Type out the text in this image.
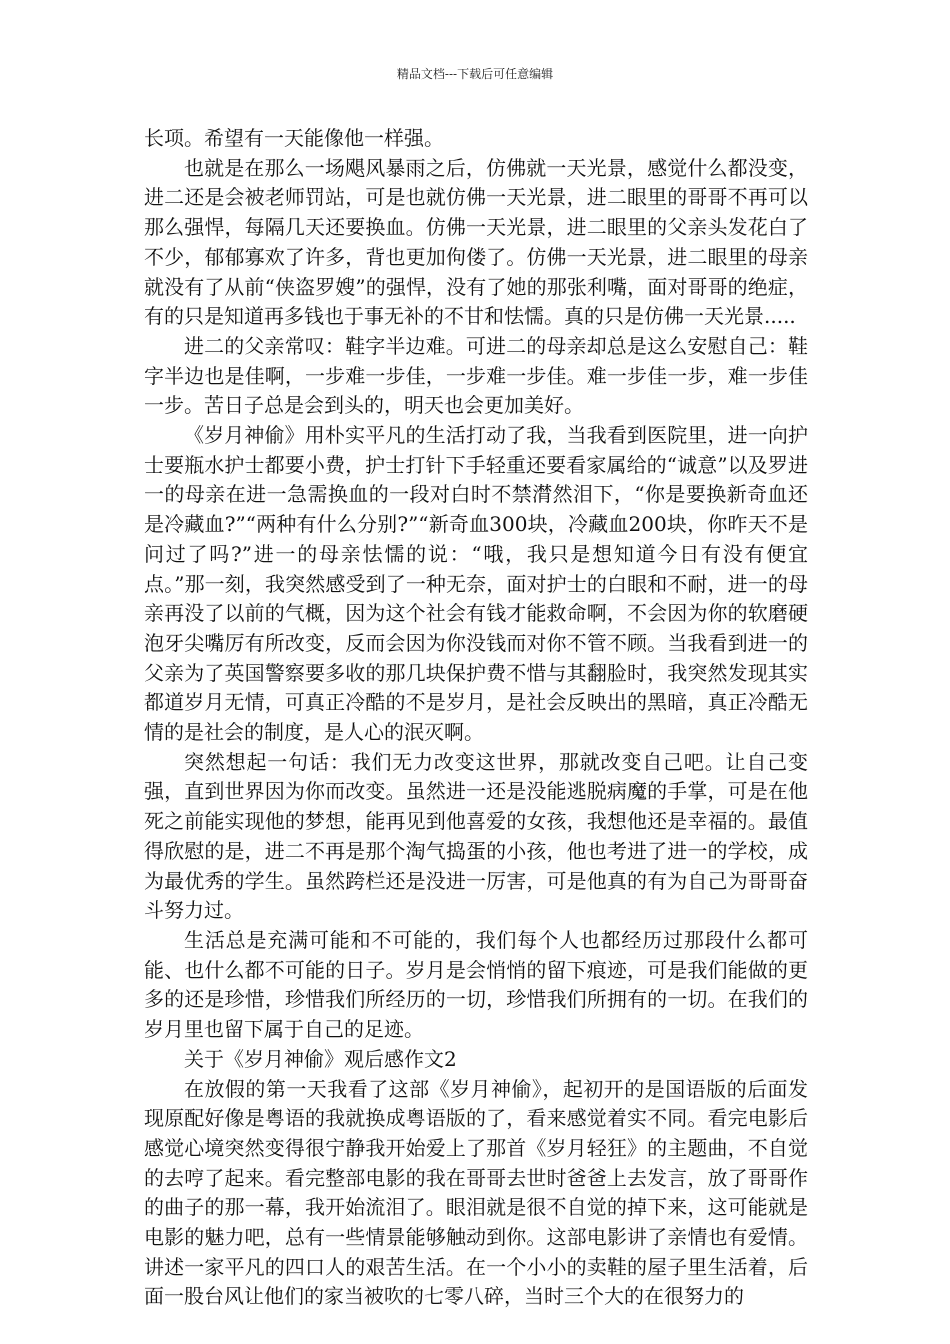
精品文档---下载后可任意编辑

长项。希望有一天能像他一样强。

也就是在那么一场飓风暴雨之后，仿佛就一天光景，感觉什么都没变，进二还是会被老师罚站，可是也就仿佛一天光景，进二眼里的哥哥不再可以那么强悍，每隔几天还要换血。仿佛一天光景，进二眼里的父亲头发花白了不少，郁郁寡欢了许多，背也更加佝偻了。仿佛一天光景，进二眼里的母亲就没有了从前“侠盗罗嫂”的强悍，没有了她的那张利嘴，面对哥哥的绝症，有的只是知道再多钱也于事无补的不甘和怯懦。真的只是仿佛一天光景.....

进二的父亲常叹：鞋字半边难。可进二的母亲却总是这么安慰自己：鞋字半边也是佳啊，一步难一步佳，一步难一步佳。难一步佳一步，难一步佳一步。苦日子总是会到头的，明天也会更加美好。

《岁月神偷》用朴实平凡的生活打动了我，当我看到医院里，进一向护士要瓶水护士都要小费，护士打针下手轻重还要看家属给的“诚意”以及罗进一的母亲在进一急需换血的一段对白时不禁潸然泪下，“你是要换新奇血还是冷藏血?”“两种有什么分别?”“新奇血300块，冷藏血200块，你昨天不是问过了吗?”进一的母亲怯懦的说：“哦，我只是想知道今日有没有便宜点。”那一刻，我突然感受到了一种无奈，面对护士的白眼和不耐，进一的母亲再没了以前的气概，因为这个社会有钱才能救命啊，不会因为你的软磨硬泡牙尖嘴厉有所改变，反而会因为你没钱而对你不管不顾。当我看到进一的父亲为了英国警察要多收的那几块保护费不惜与其翻脸时，我突然发现其实都道岁月无情，可真正冷酷的不是岁月，是社会反映出的黑暗，真正冷酷无情的是社会的制度，是人心的泯灭啊。

突然想起一句话：我们无力改变这世界，那就改变自己吧。让自己变强，直到世界因为你而改变。虽然进一还是没能逃脱病魔的手掌，可是在他死之前能实现他的梦想，能再见到他喜爱的女孩，我想他还是幸福的。最值得欣慰的是，进二不再是那个淘气捣蛋的小孩，他也考进了进一的学校，成为最优秀的学生。虽然跨栏还是没进一厉害，可是他真的有为自己为哥哥奋斗努力过。

生活总是充满可能和不可能的，我们每个人也都经历过那段什么都可能、也什么都不可能的日子。岁月是会悄悄的留下痕迹，可是我们能做的更多的还是珍惜，珍惜我们所经历的一切，珍惜我们所拥有的一切。在我们的岁月里也留下属于自己的足迹。

关于《岁月神偷》观后感作文2

在放假的第一天我看了这部《岁月神偷》，起初开的是国语版的后面发现原配好像是粤语的我就换成粤语版的了，看来感觉着实不同。看完电影后感觉心境突然变得很宁静我开始爱上了那首《岁月轻狂》的主题曲，不自觉的去哼了起来。看完整部电影的我在哥哥去世时爸爸上去发言，放了哥哥作的曲子的那一幕，我开始流泪了。眼泪就是很不自觉的掉下来，这可能就是电影的魅力吧，总有一些情景能够触动到你。这部电影讲了亲情也有爱情。讲述一家平凡的四口人的艰苦生活。在一个小小的卖鞋的屋子里生活着，后面一股台风让他们的家当被吹的七零八碎，当时三个大的在很努力的
